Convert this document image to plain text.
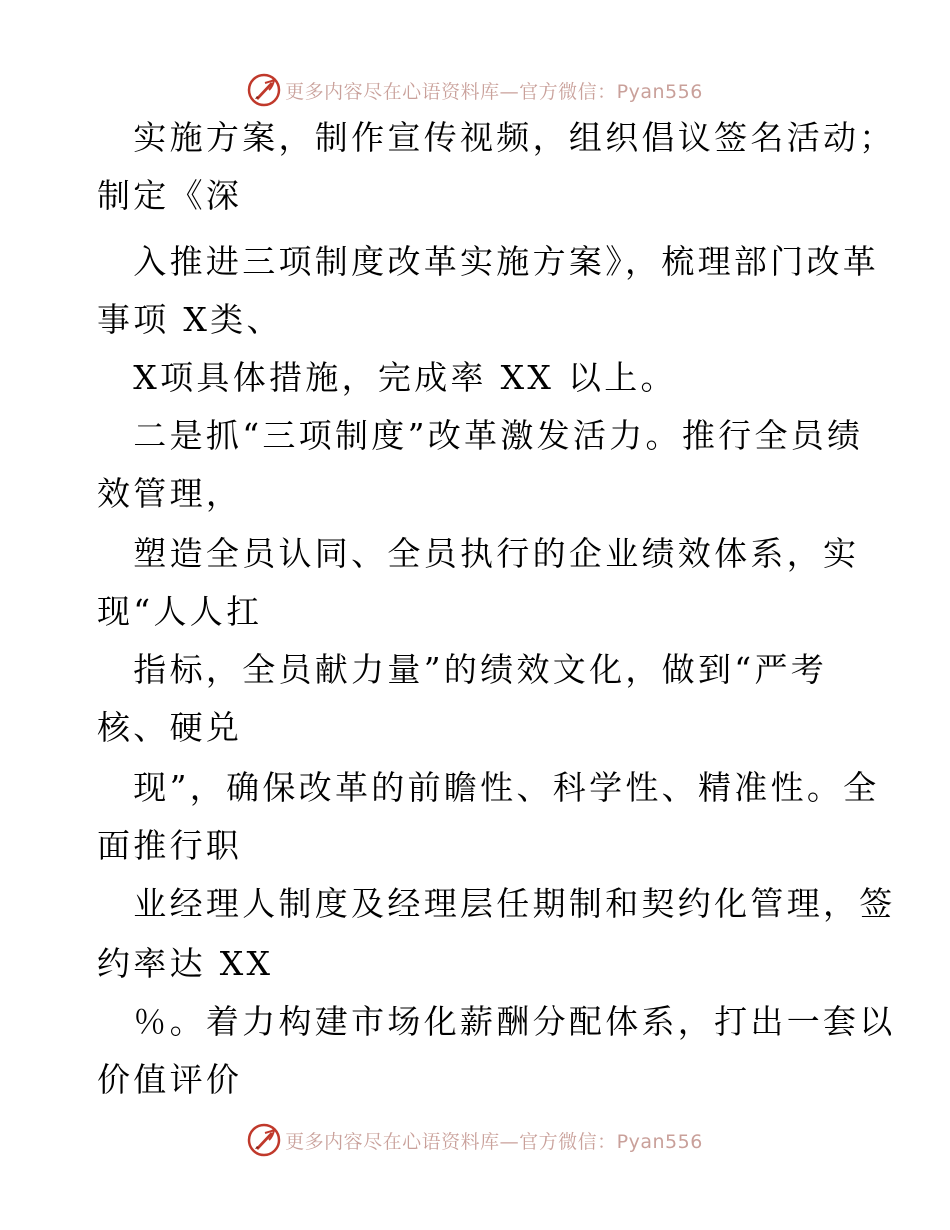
更多内容尽在心语资料库—官方微信：Pyan556
　实施方案，制作宣传视频，组织倡议签名活动；
制定《深
　入推进三项制度改革实施方案》，梳理部门改革
事项 X类、
　X项具体措施，完成率 XX 以上。
　二是抓“三项制度”改革激发活力。推行全员绩
效管理，
　塑造全员认同、全员执行的企业绩效体系，实
现“人人扛
　指标，全员献力量”的绩效文化，做到“严考
核、硬兑
　现”，确保改革的前瞻性、科学性、精准性。全
面推行职
　业经理人制度及经理层任期制和契约化管理，签
约率达 XX
　％。着力构建市场化薪酬分配体系，打出一套以
价值评价
更多内容尽在心语资料库—官方微信：Pyan556
